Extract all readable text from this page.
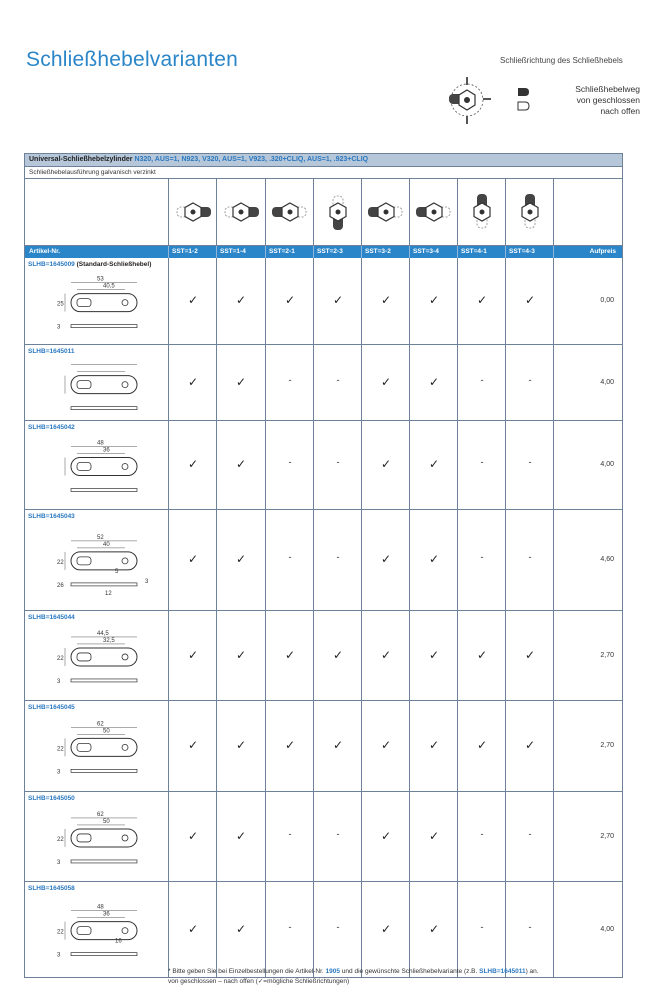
Schließhebelvarianten	Schließrichtung des Schließhebels
Schließhebelweg
von geschlossen
nach offen
Universal-Schließhebelzylinder N320, AUS=1, N923, V320, AUS=1, V923, .320+CLIQ, AUS=1, .923+CLIQ
Schließhebelausführung galvanisch verzinkt
Artikel-Nr.	SST=1-2	SST=1-4	SST=2-1	SST=2-3	SST=3-2	SST=3-4	SST=4-1	SST=4-3	Aufpreis
SLHB=1645009 (Standard-Schließhebel)
53
40,5
25
3
✓	✓	✓	✓	✓	✓	✓	✓	0,00
SLHB=1645011
✓	✓	-	-	✓	✓	-	-	4,00
SLHB=1645042
48
36
✓	✓	-	-	✓	✓	-	-	4,00
SLHB=1645043
52
40
22
26
5
3
12
✓	✓	-	-	✓	✓	-	-	4,60
SLHB=1645044
44,5
32,5
22
3
✓	✓	✓	✓	✓	✓	✓	✓	2,70
SLHB=1645045
62
50
22
3
✓	✓	✓	✓	✓	✓	✓	✓	2,70
SLHB=1645050
62
50
22
3
✓	✓	-	-	✓	✓	-	-	2,70
SLHB=1645058
48
36
22
3
16
✓	✓	-	-	✓	✓	-	-	4,00
* Bitte geben Sie bei Einzelbestellungen die Artikel-Nr. 1905 und die gewünschte Schließhebelvariante (z.B. SLHB=1645011) an.
von geschlossen – nach offen (✓=mögliche Schließrichtungen)
